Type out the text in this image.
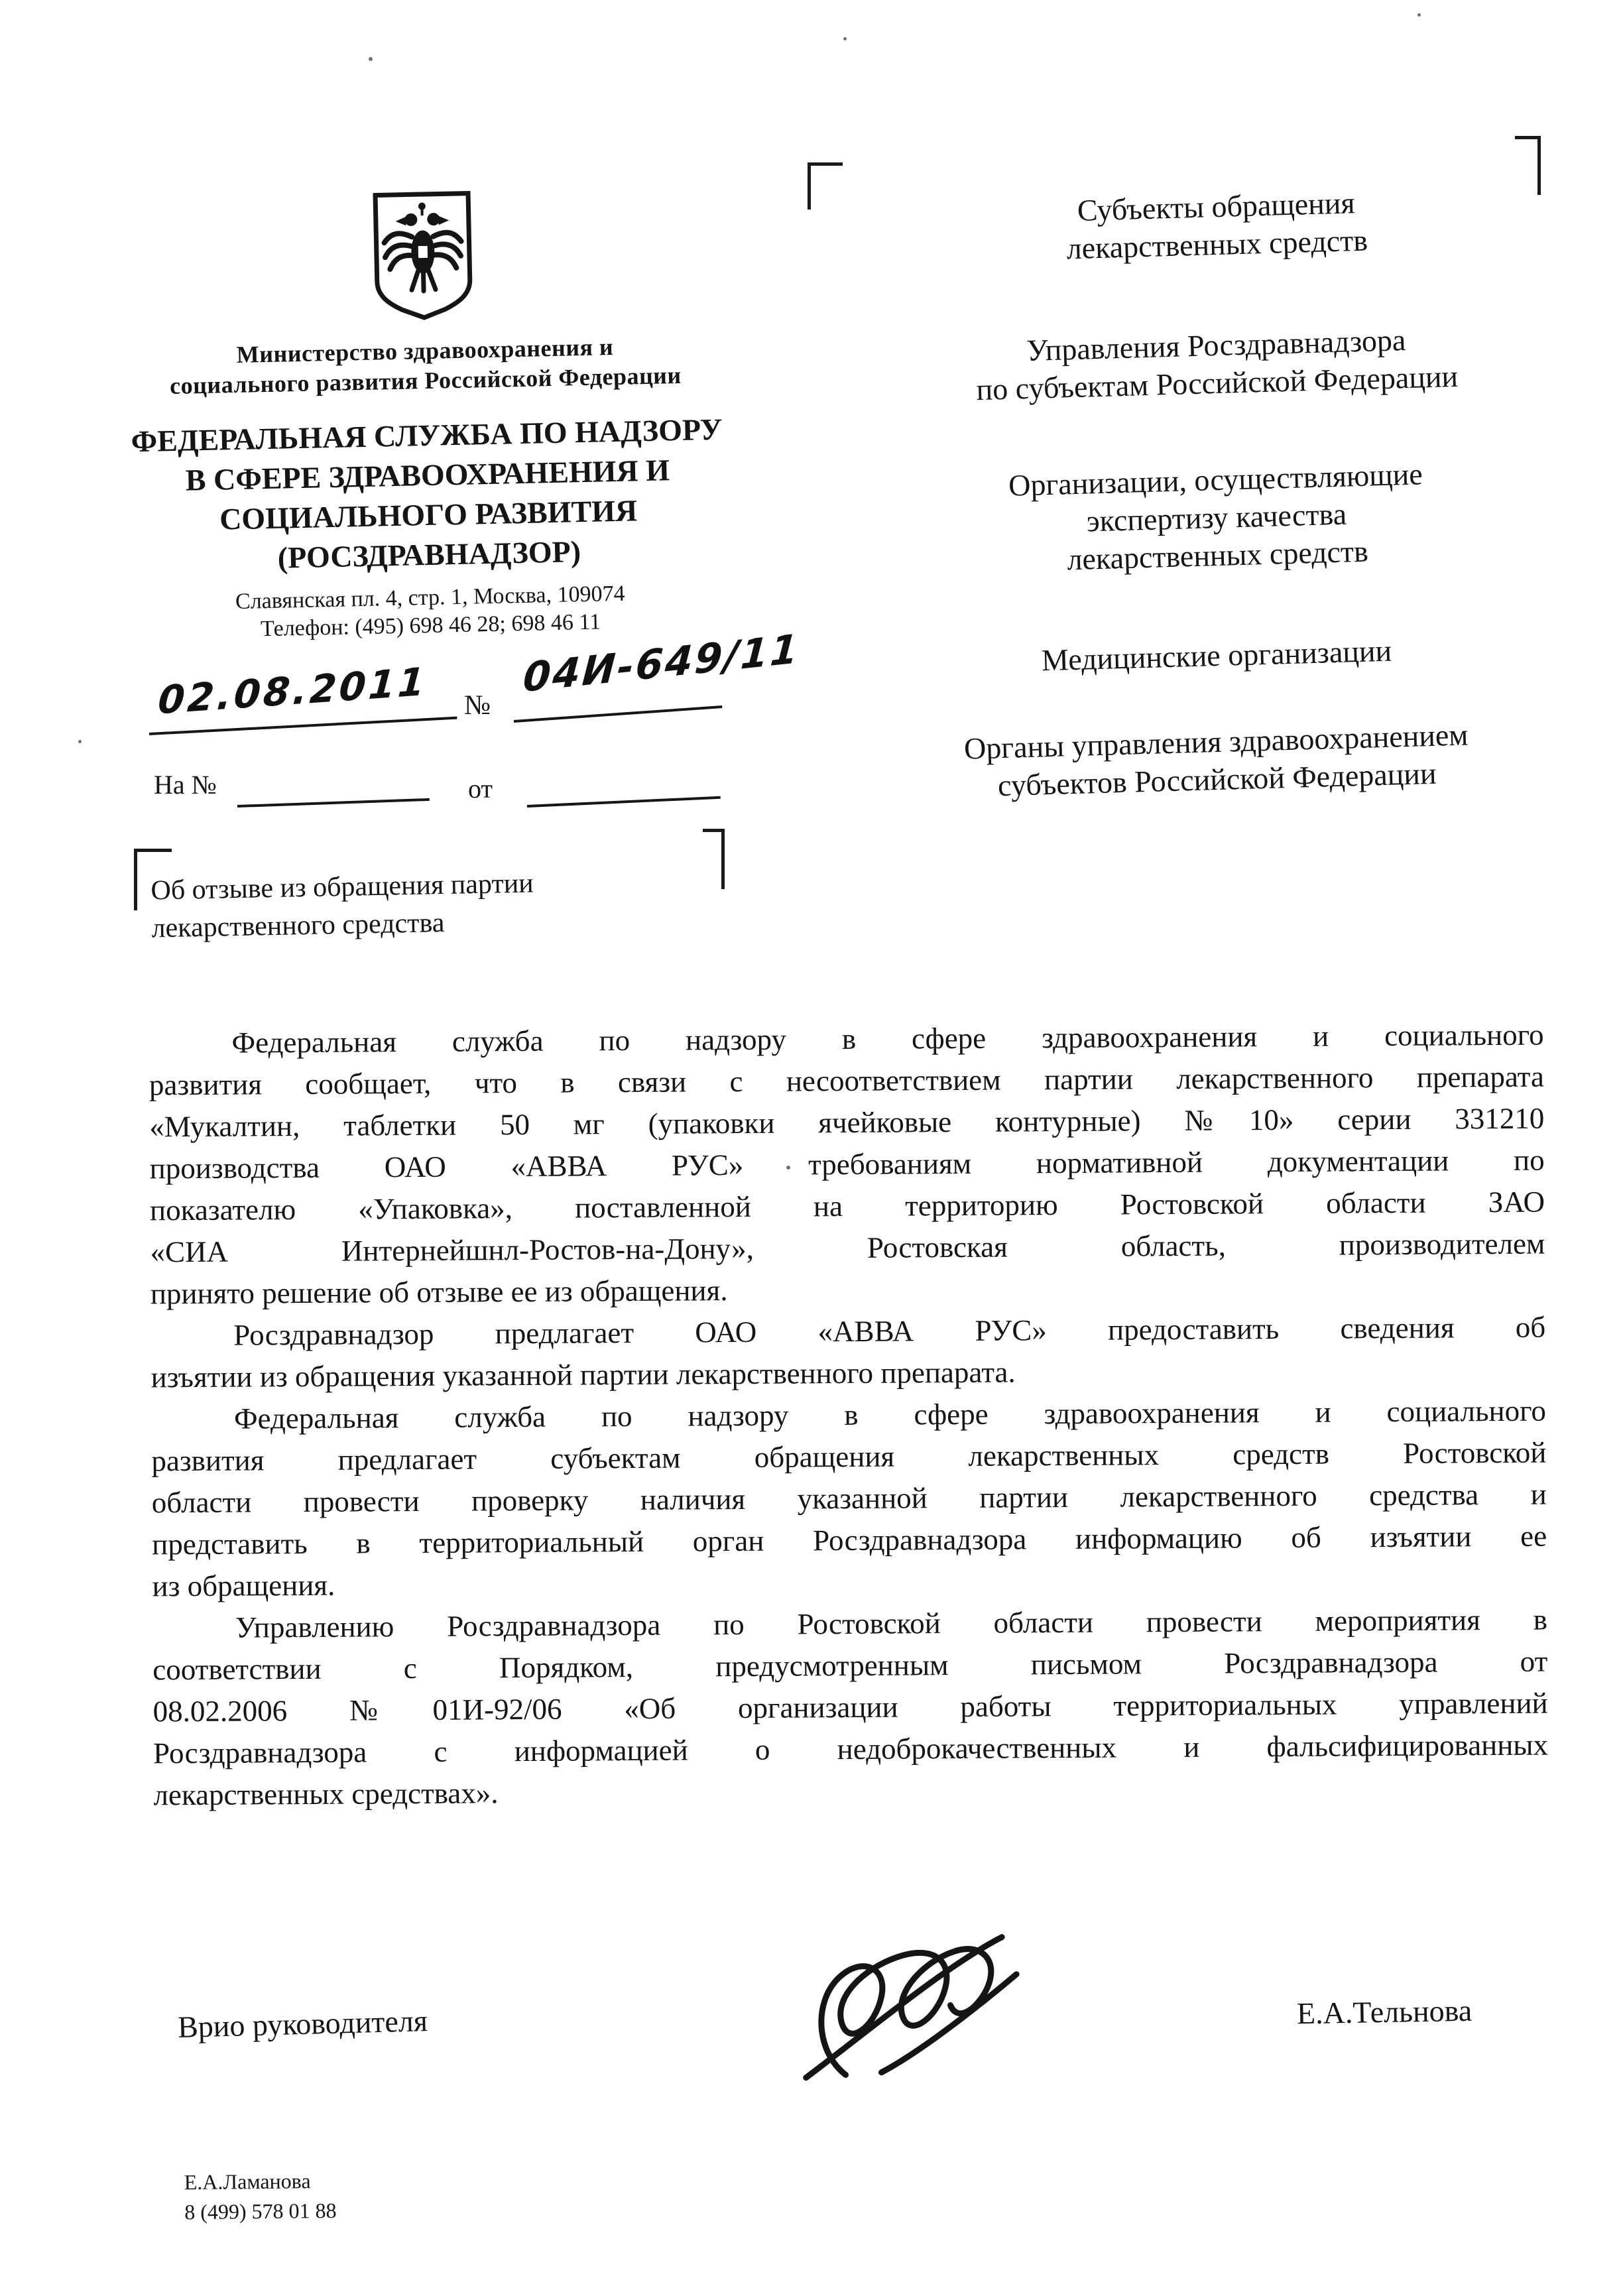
Министерство здравоохранения и
социального развития Российской Федерации
ФЕДЕРАЛЬНАЯ СЛУЖБА ПО НАДЗОРУ
В СФЕРЕ ЗДРАВООХРАНЕНИЯ И
СОЦИАЛЬНОГО РАЗВИТИЯ
(РОСЗДРАВНАДЗОР)
Славянская пл. 4, стр. 1, Москва, 109074
Телефон: (495) 698 46 28; 698 46 11
02.08.2011 №
04И-649/11
На №	от
Об отзыве из обращения партии
лекарственного средства
Субъекты обращения
лекарственных средств
Управления Росздравнадзора
по субъектам Российской Федерации
Организации, осуществляющие
экспертизу качества
лекарственных средств
Медицинские организации
Органы управления здравоохранением
субъектов Российской Федерации

Федеральная служба по надзору в сфере здравоохранения и социального
развития сообщает, что в связи с несоответствием партии лекарственного препарата
«Мукалтин, таблетки 50 мг (упаковки ячейковые контурные) №10» серии 331210
производства ОАО «АВВА РУС» требованиям нормативной документации по
показателю «Упаковка», поставленной на территорию Ростовской области ЗАО
«СИА Интернейшнл-Ростов-на-Дону», Ростовская область, производителем

принято решение об отзыве ее из обращения.

Росздравнадзор предлагает ОАО «АВВА РУС» предоставить сведения об

изъятии из обращения указанной партии лекарственного препарата.

Федеральная служба по надзору в сфере здравоохранения и социального
развития предлагает субъектам обращения лекарственных средств Ростовской
области провести проверку наличия указанной партии лекарственного средства и
представить в территориальный орган Росздравнадзора информацию об изъятии ее

из обращения.

Управлению Росздравнадзора по Ростовской области провести мероприятия в
соответствии с Порядком, предусмотренным письмом Росздравнадзора от
08.02.2006 №01И-92/06 «Об организации работы территориальных управлений
Росздравнадзора с информацией о недоброкачественных и фальсифицированных

лекарственных средствах».

Врио руководителя	Е.А.Тельнова
Е.А.Ламанова
8 (499) 578 01 88
